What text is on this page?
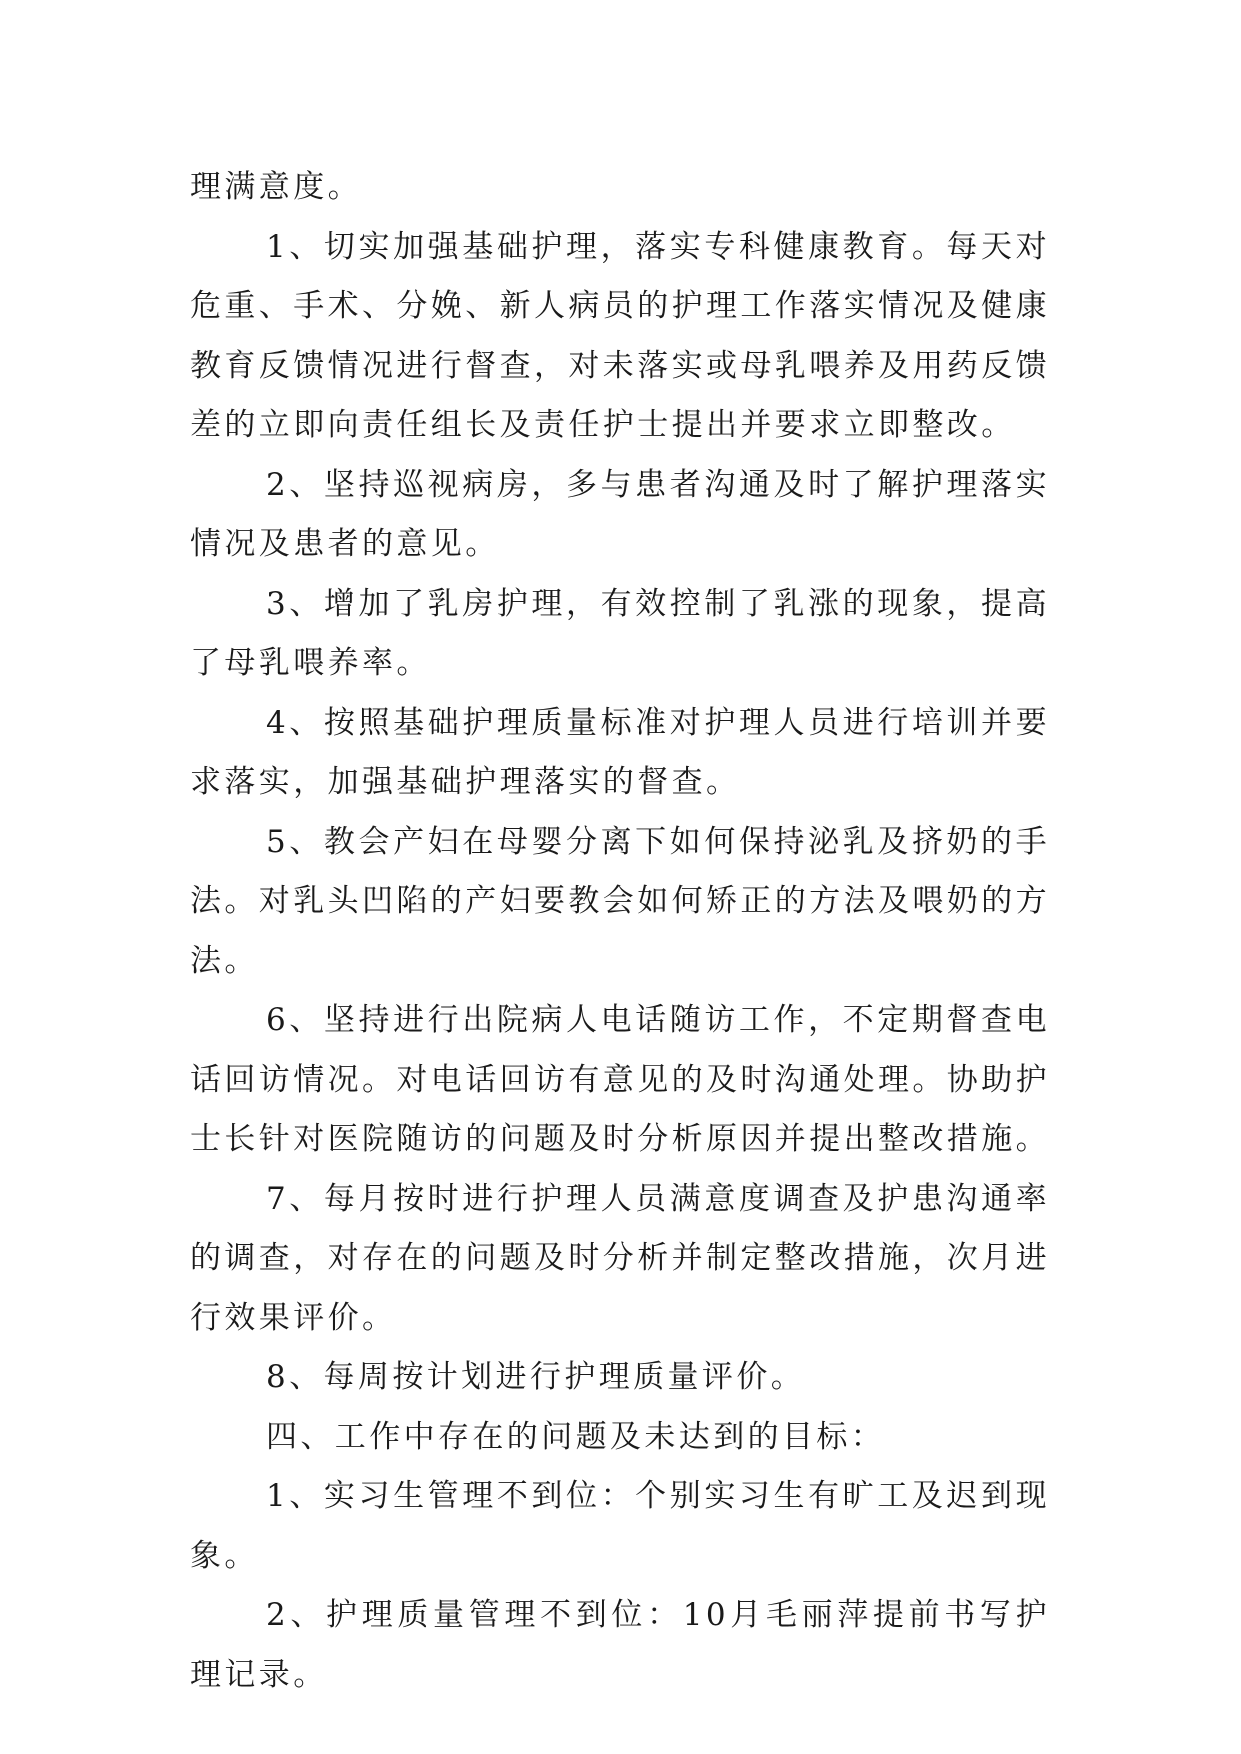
理满意度。

1、切实加强基础护理，落实专科健康教育。每天对危重、手术、分娩、新人病员的护理工作落实情况及健康教育反馈情况进行督查，对未落实或母乳喂养及用药反馈差的立即向责任组长及责任护士提出并要求立即整改。

2、坚持巡视病房，多与患者沟通及时了解护理落实情况及患者的意见。

3、增加了乳房护理，有效控制了乳涨的现象，提高了母乳喂养率。

4、按照基础护理质量标准对护理人员进行培训并要求落实，加强基础护理落实的督查。

5、教会产妇在母婴分离下如何保持泌乳及挤奶的手法。对乳头凹陷的产妇要教会如何矫正的方法及喂奶的方法。

6、坚持进行出院病人电话随访工作，不定期督查电话回访情况。对电话回访有意见的及时沟通处理。协助护士长针对医院随访的问题及时分析原因并提出整改措施。

7、每月按时进行护理人员满意度调查及护患沟通率的调查，对存在的问题及时分析并制定整改措施，次月进行效果评价。

8、每周按计划进行护理质量评价。

四、工作中存在的问题及未达到的目标：

1、实习生管理不到位：个别实习生有旷工及迟到现象。

2、护理质量管理不到位：10月毛丽萍提前书写护理记录。
